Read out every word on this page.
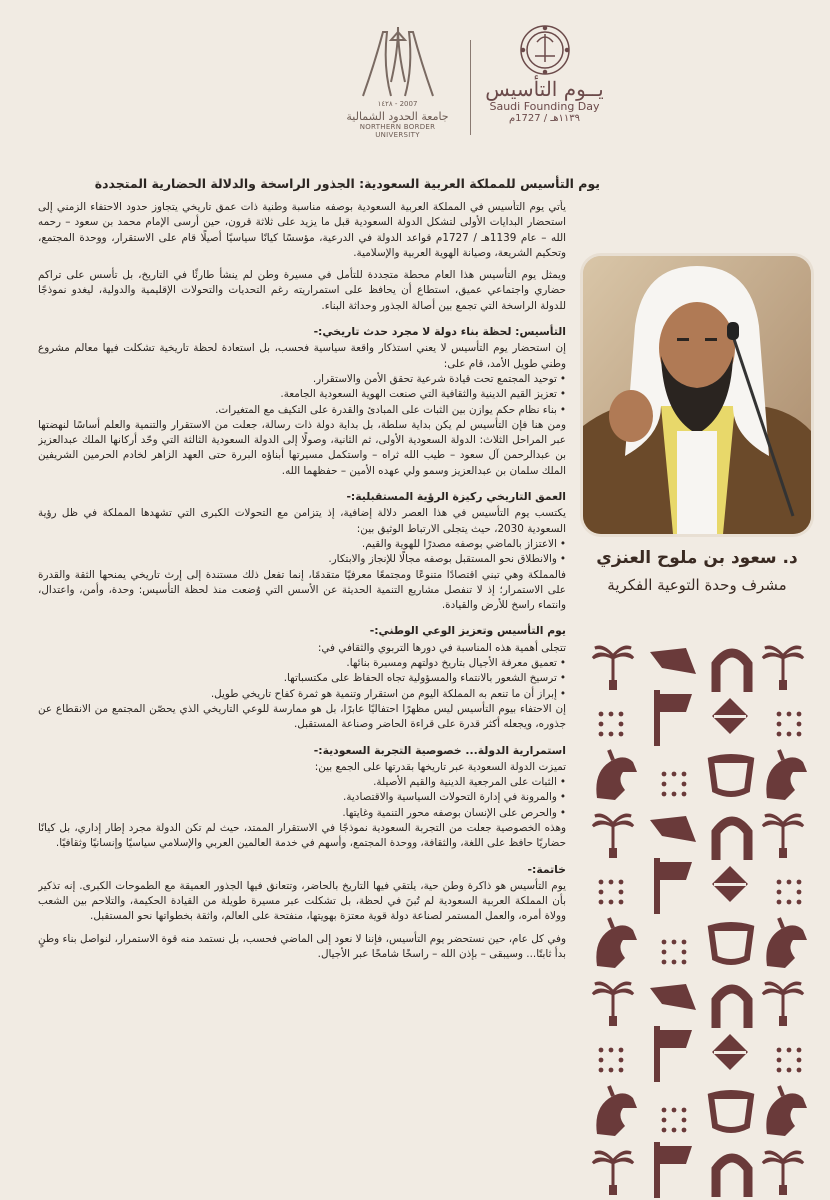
١٤٢٨ - 2007
جامعة الحدود الشمالية
NORTHERN BORDER UNIVERSITY
يــوم التأسيس
Saudi Founding Day
١١٣٩هـ / 1727م
يوم التأسيس للمملكة العربية السعودية: الجذور الراسخة والدلالة الحضارية المتجددة

يأتي يوم التأسيس في المملكة العربية السعودية بوصفه مناسبة وطنية ذات عمق تاريخي يتجاوز حدود الاحتفاء الزمني إلى استحضار البدايات الأولى لتشكل الدولة السعودية قبل ما يزيد على ثلاثة قرون، حين أرسى الإمام محمد بن سعود – رحمه الله – عام 1139هـ / 1727م قواعد الدولة في الدرعية، مؤسسًا كيانًا سياسيًا أصيلًا قام على الاستقرار، ووحدة المجتمع، وتحكيم الشريعة، وصيانة الهوية العربية والإسلامية.

ويمثل يوم التأسيس هذا العام محطة متجددة للتأمل في مسيرة وطن لم ينشأ طارئًا في التاريخ، بل تأسس على تراكم حضاري واجتماعي عميق، استطاع أن يحافظ على استمراريته رغم التحديات والتحولات الإقليمية والدولية، ليغدو نموذجًا للدولة الراسخة التي تجمع بين أصالة الجذور وحداثة البناء.

التأسيس: لحظة بناء دولة لا مجرد حدث تاريخي:-

إن استحضار يوم التأسيس لا يعني استذكار واقعة سياسية فحسب، بل استعادة لحظة تاريخية تشكلت فيها معالم مشروع وطني طويل الأمد، قام على:

• توحيد المجتمع تحت قيادة شرعية تحقق الأمن والاستقرار.
• تعزيز القيم الدينية والثقافية التي صنعت الهوية السعودية الجامعة.
• بناء نظام حكم يوازن بين الثبات على المبادئ والقدرة على التكيف مع المتغيرات.

ومن هنا فإن التأسيس لم يكن بداية سلطة، بل بداية دولة ذات رسالة، جعلت من الاستقرار والتنمية والعلم أساسًا لنهضتها عبر المراحل الثلاث: الدولة السعودية الأولى، ثم الثانية، وصولًا إلى الدولة السعودية الثالثة التي وحّد أركانها الملك عبدالعزيز بن عبدالرحمن آل سعود – طيب الله ثراه – واستكمل مسيرتها أبناؤه البررة حتى العهد الزاهر لخادم الحرمين الشريفين الملك سلمان بن عبدالعزيز وسمو ولي عهده الأمين – حفظهما الله.

العمق التاريخي ركيزة الرؤية المستقبلية:-

يكتسب يوم التأسيس في هذا العصر دلالة إضافية، إذ يتزامن مع التحولات الكبرى التي تشهدها المملكة في ظل رؤية السعودية 2030، حيث يتجلى الارتباط الوثيق بين:

• الاعتزاز بالماضي بوصفه مصدرًا للهوية والقيم.
• والانطلاق نحو المستقبل بوصفه مجالًا للإنجاز والابتكار.

فالمملكة وهي تبني اقتصادًا متنوعًا ومجتمعًا معرفيًا متقدمًا، إنما تفعل ذلك مستندة إلى إرث تاريخي يمنحها الثقة والقدرة على الاستمرار؛ إذ لا تنفصل مشاريع التنمية الحديثة عن الأسس التي وُضعت منذ لحظة التأسيس: وحدة، وأمن، واعتدال، وانتماء راسخ للأرض والقيادة.

يوم التأسيس وتعزيز الوعي الوطني:-

تتجلى أهمية هذه المناسبة في دورها التربوي والثقافي في:

• تعميق معرفة الأجيال بتاريخ دولتهم ومسيرة بنائها.
• ترسيخ الشعور بالانتماء والمسؤولية تجاه الحفاظ على مكتسباتها.
• إبراز أن ما تنعم به المملكة اليوم من استقرار وتنمية هو ثمرة كفاح تاريخي طويل.

إن الاحتفاء بيوم التأسيس ليس مظهرًا احتفاليًا عابرًا، بل هو ممارسة للوعي التاريخي الذي يحصّن المجتمع من الانقطاع عن جذوره، ويجعله أكثر قدرة على قراءة الحاضر وصناعة المستقبل.

استمرارية الدولة... خصوصية التجربة السعودية:-

تميزت الدولة السعودية عبر تاريخها بقدرتها على الجمع بين:

• الثبات على المرجعية الدينية والقيم الأصيلة.
• والمرونة في إدارة التحولات السياسية والاقتصادية.
• والحرص على الإنسان بوصفه محور التنمية وغايتها.

وهذه الخصوصية جعلت من التجربة السعودية نموذجًا في الاستقرار الممتد، حيث لم تكن الدولة مجرد إطار إداري، بل كيانًا حضاريًا حافظ على اللغة، والثقافة، ووحدة المجتمع، وأسهم في خدمة العالمين العربي والإسلامي سياسيًا وإنسانيًا وثقافيًا.

خاتمة:-

يوم التأسيس هو ذاكرة وطن حية، يلتقي فيها التاريخ بالحاضر، وتتعانق فيها الجذور العميقة مع الطموحات الكبرى. إنه تذكير بأن المملكة العربية السعودية لم تُبنَ في لحظة، بل تشكلت عبر مسيرة طويلة من القيادة الحكيمة، والتلاحم بين الشعب وولاة أمره، والعمل المستمر لصناعة دولة قوية معتزة بهويتها، منفتحة على العالم، واثقة بخطواتها نحو المستقبل.

وفي كل عام، حين نستحضر يوم التأسيس، فإننا لا نعود إلى الماضي فحسب، بل نستمد منه قوة الاستمرار، لنواصل بناء وطنٍ بدأ ثابتًا... وسيبقى – بإذن الله – راسخًا شامخًا عبر الأجيال.

د. سعود بن ملوح العنزي
مشرف وحدة التوعية الفكرية
